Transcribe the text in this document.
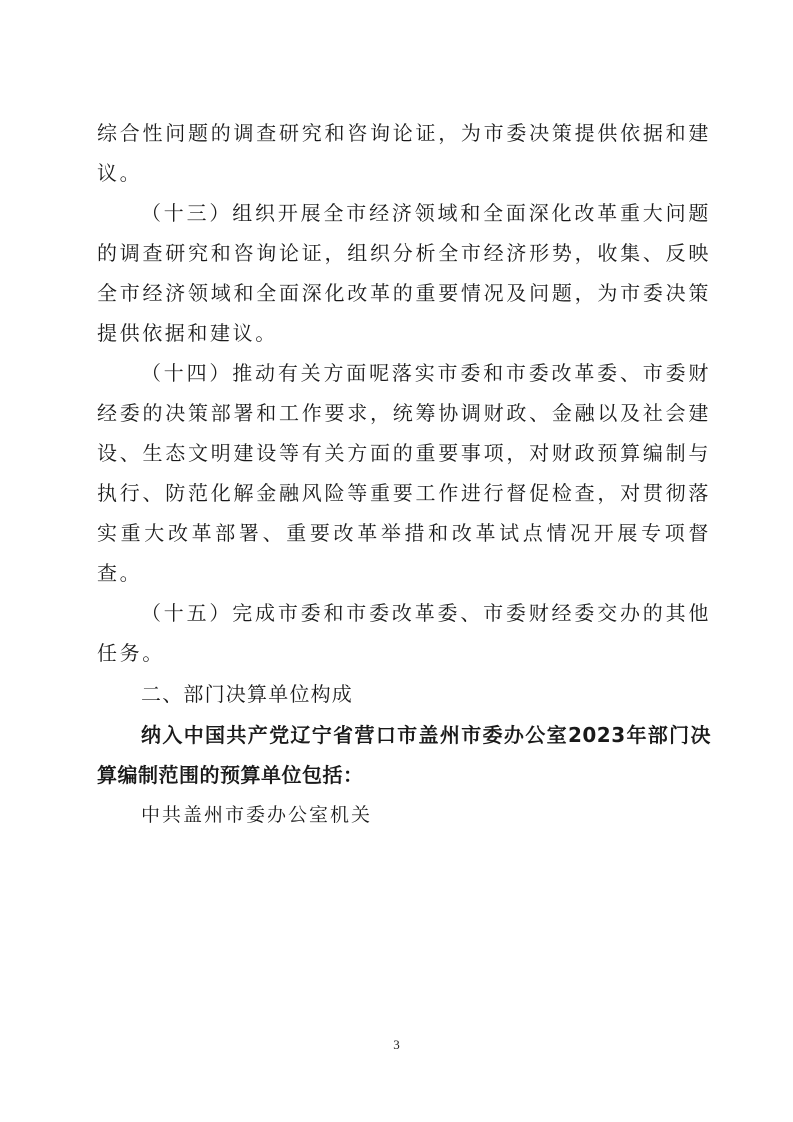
综合性问题的调查研究和咨询论证，为市委决策提供依据和建议。

（十三）组织开展全市经济领域和全面深化改革重大问题的调查研究和咨询论证，组织分析全市经济形势，收集、反映全市经济领域和全面深化改革的重要情况及问题，为市委决策提供依据和建议。

（十四）推动有关方面呢落实市委和市委改革委、市委财经委的决策部署和工作要求，统筹协调财政、金融以及社会建设、生态文明建设等有关方面的重要事项，对财政预算编制与执行、防范化解金融风险等重要工作进行督促检查，对贯彻落实重大改革部署、重要改革举措和改革试点情况开展专项督查。

（十五）完成市委和市委改革委、市委财经委交办的其他任务。

二、部门决算单位构成

纳入中国共产党辽宁省营口市盖州市委办公室2023年部门决算编制范围的预算单位包括：

中共盖州市委办公室机关

3
